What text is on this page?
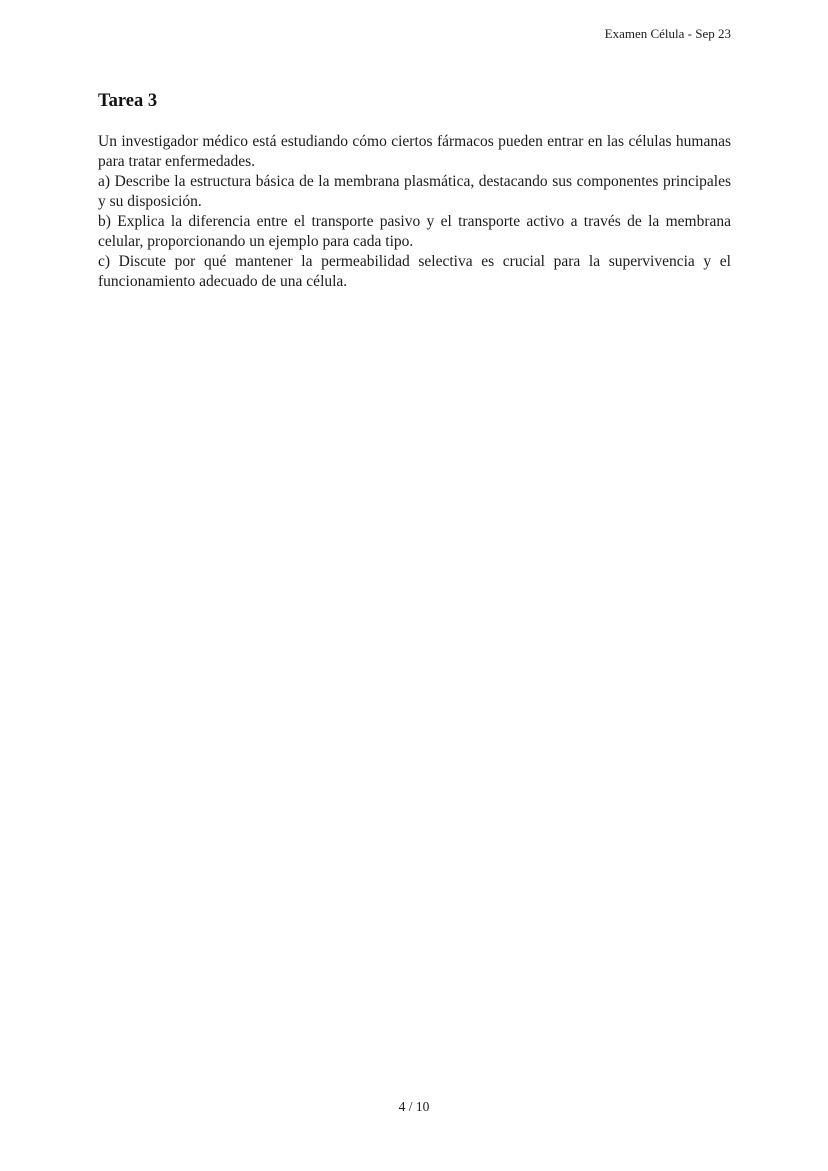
Examen Célula - Sep 23
Tarea 3
Un investigador médico está estudiando cómo ciertos fármacos pueden entrar en las células humanas para tratar enfermedades.
a) Describe la estructura básica de la membrana plasmática, destacando sus componentes principales y su disposición.
b) Explica la diferencia entre el transporte pasivo y el transporte activo a través de la membrana celular, proporcionando un ejemplo para cada tipo.
c) Discute por qué mantener la permeabilidad selectiva es crucial para la supervivencia y el funcionamiento adecuado de una célula.
4 / 10
